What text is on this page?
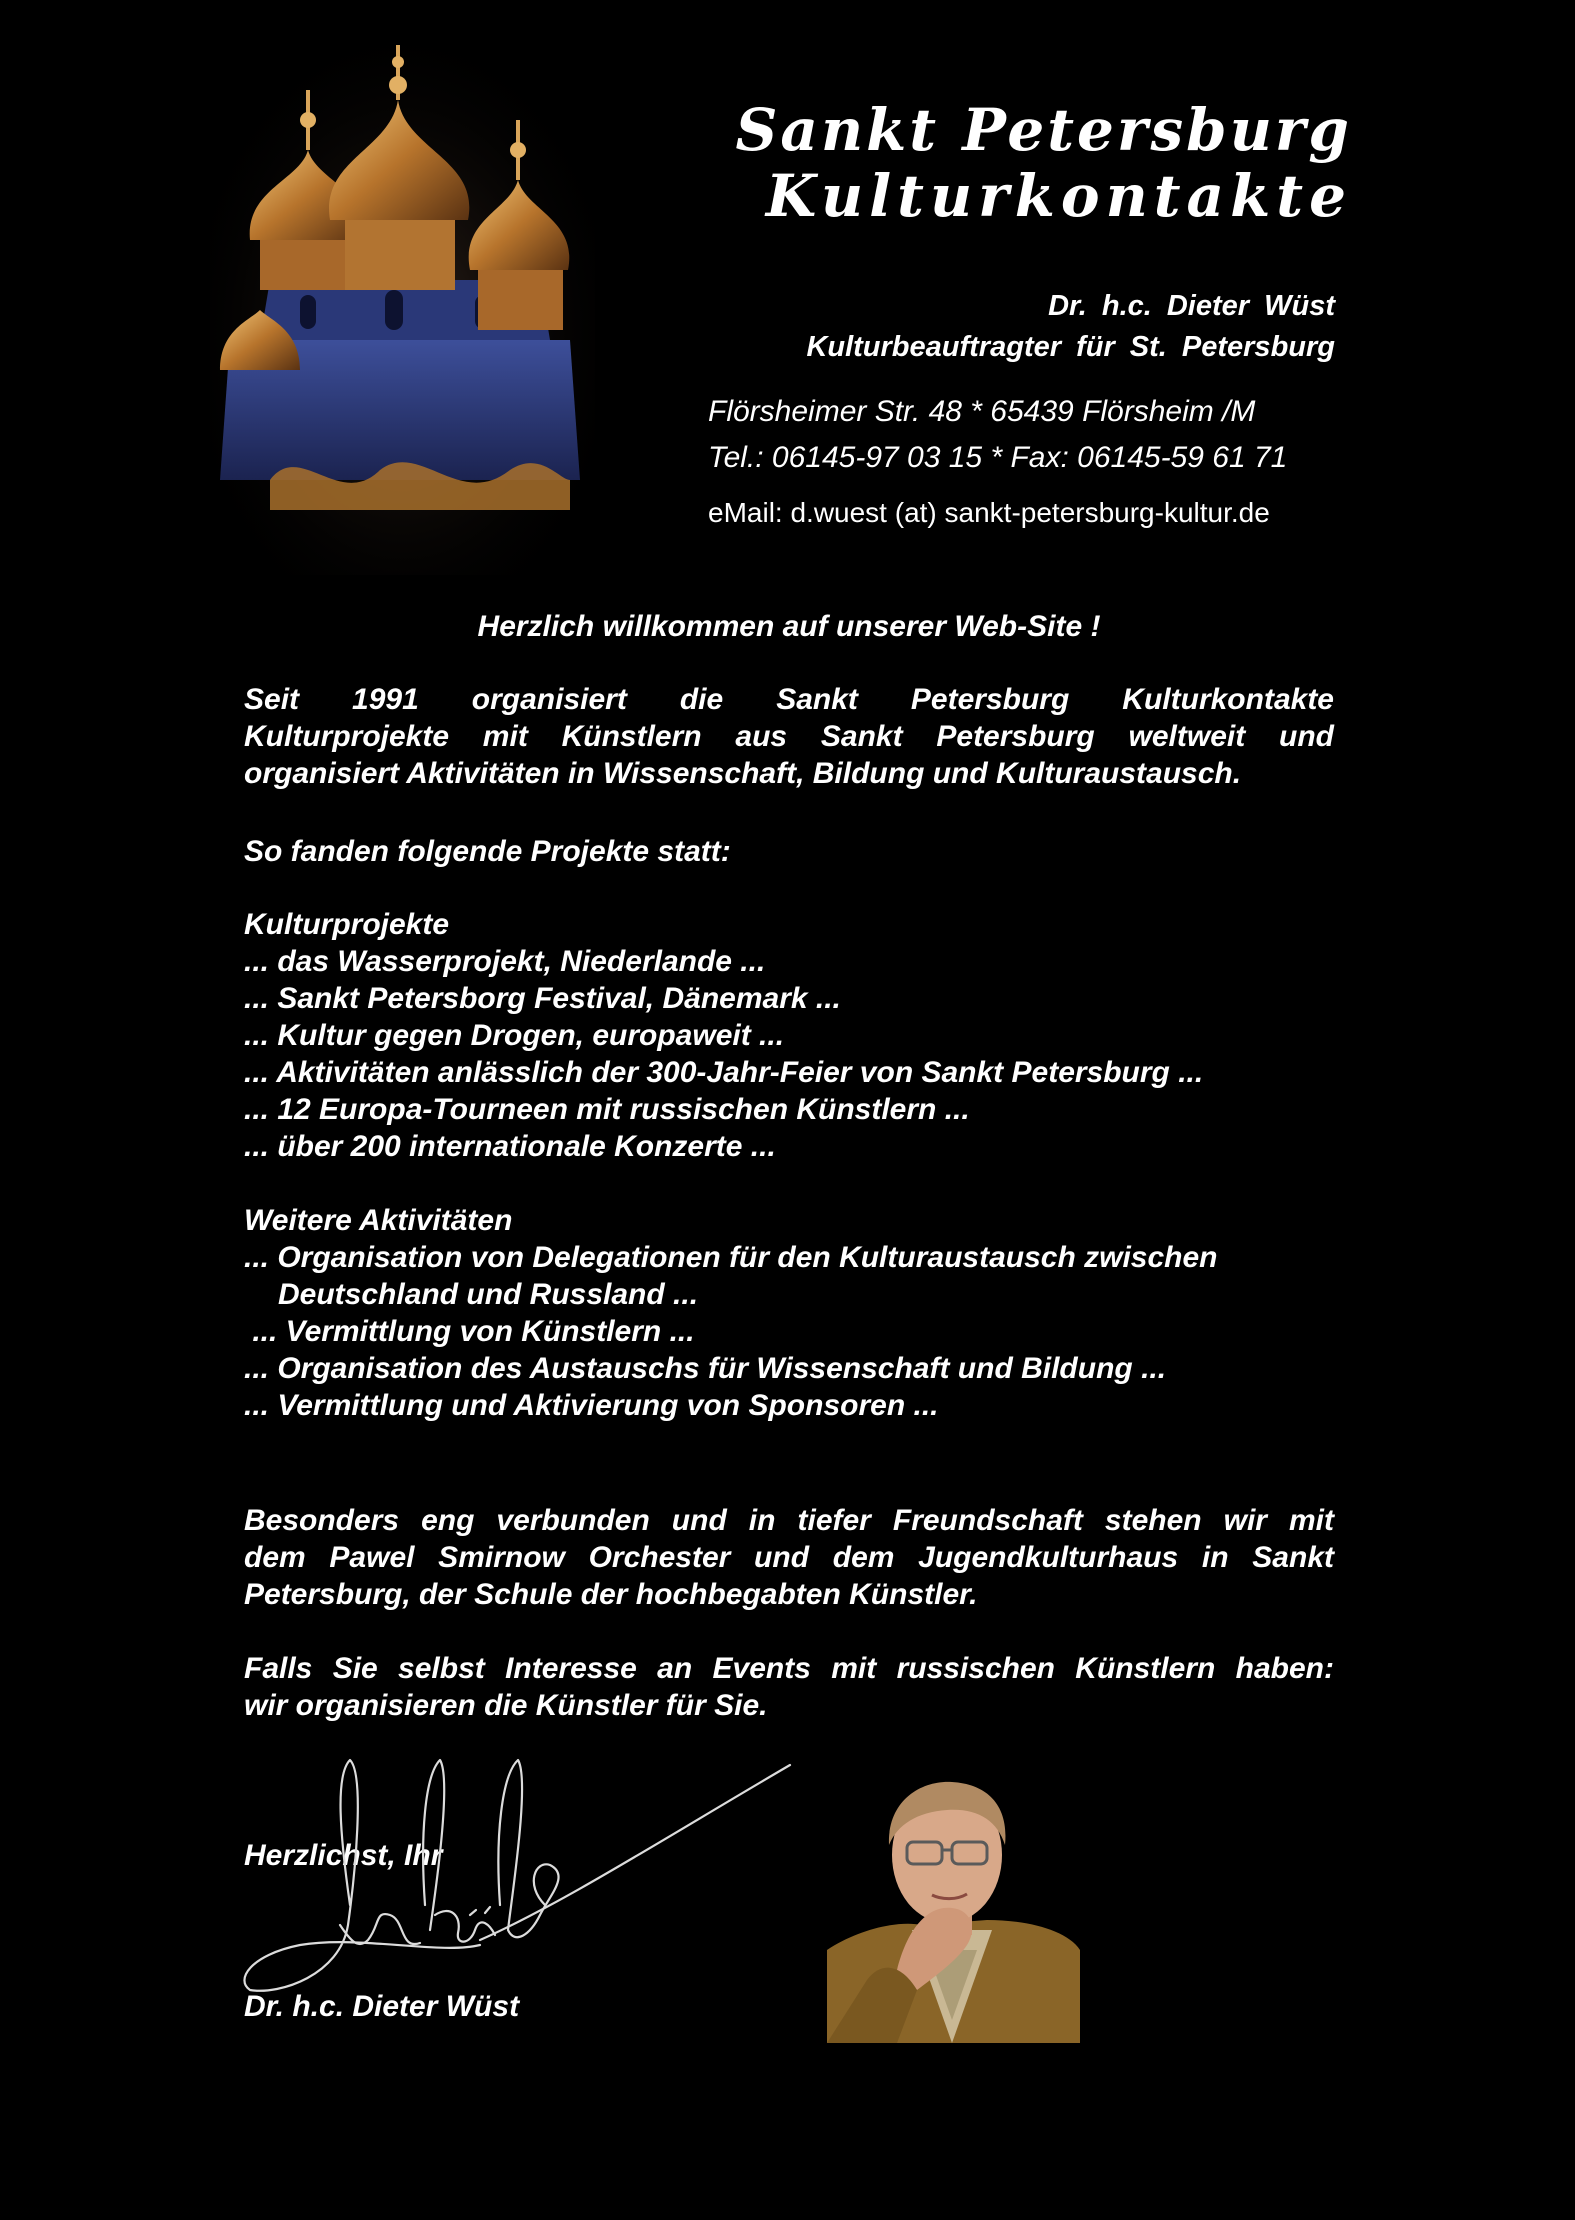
Sankt Petersburg
Kulturkontakte
Dr. h.c. Dieter Wüst
Kulturbeauftragter für St. Petersburg
Flörsheimer Str. 48 * 65439 Flörsheim /M
Tel.: 06145-97 03 15 * Fax: 06145-59 61 71
eMail: d.wuest (at) sankt-petersburg-kultur.de
Herzlich willkommen auf unserer Web-Site !
Seit 1991 organisiert die Sankt Petersburg Kulturkontakte
Kulturprojekte mit Künstlern aus Sankt Petersburg weltweit und
organisiert Aktivitäten in Wissenschaft, Bildung und Kulturaustausch.
So fanden folgende Projekte statt:
Kulturprojekte
... das Wasserprojekt, Niederlande ...
... Sankt Petersborg Festival, Dänemark ...
... Kultur gegen Drogen, europaweit ...
... Aktivitäten anlässlich der 300-Jahr-Feier von Sankt Petersburg ...
... 12 Europa-Tourneen mit russischen Künstlern ...
... über 200 internationale Konzerte ...
Weitere Aktivitäten
... Organisation von Delegationen für den Kulturaustausch zwischen
Deutschland und Russland ...
... Vermittlung von Künstlern ...
... Organisation des Austauschs für Wissenschaft und Bildung ...
... Vermittlung und Aktivierung von Sponsoren ...
Besonders eng verbunden und in tiefer Freundschaft stehen wir mit
dem Pawel Smirnow Orchester und dem Jugendkulturhaus in Sankt
Petersburg, der Schule der hochbegabten Künstler.
Falls Sie selbst Interesse an Events mit russischen Künstlern haben:
wir organisieren die Künstler für Sie.
Herzlichst, Ihr
Dr. h.c. Dieter Wüst
